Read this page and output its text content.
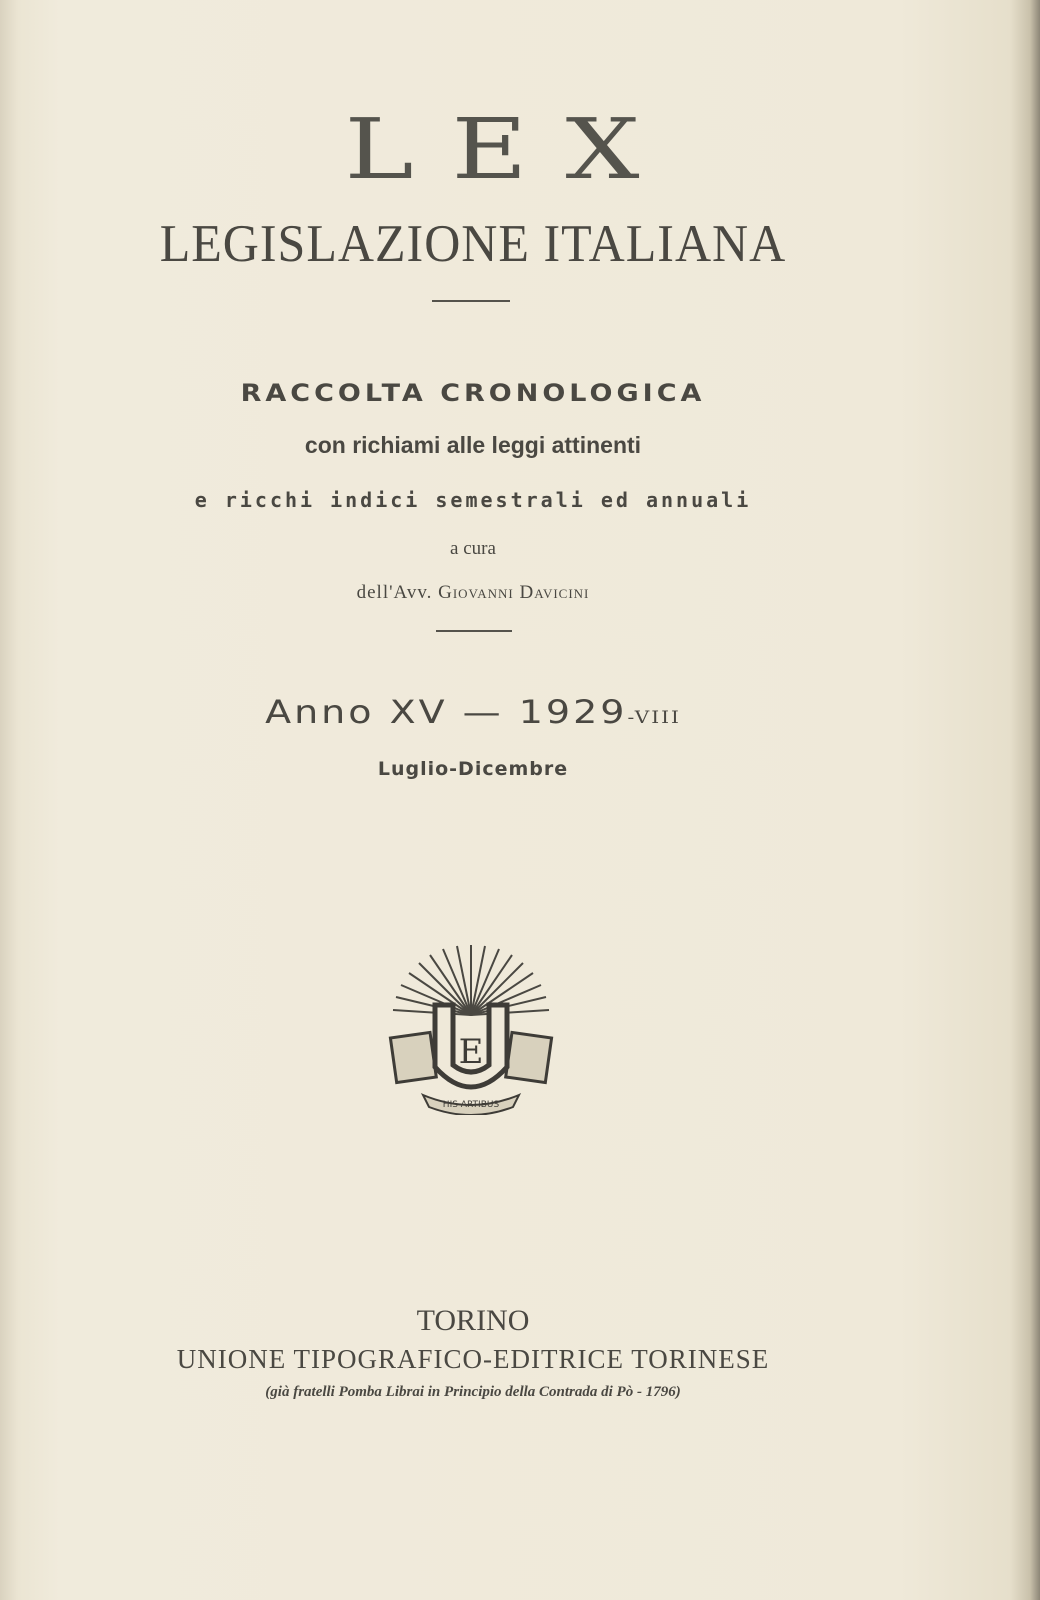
LEX
LEGISLAZIONE ITALIANA
RACCOLTA CRONOLOGICA
con richiami alle leggi attinenti
e ricchi indici semestrali ed annuali
a cura
dell'Avv. Giovanni Davicini
Anno XV — 1929-VIII
Luglio-Dicembre
E
HIS ARTIBUS
TORINO
UNIONE TIPOGRAFICO-EDITRICE TORINESE
(già fratelli Pomba Librai in Principio della Contrada di Pò - 1796)
